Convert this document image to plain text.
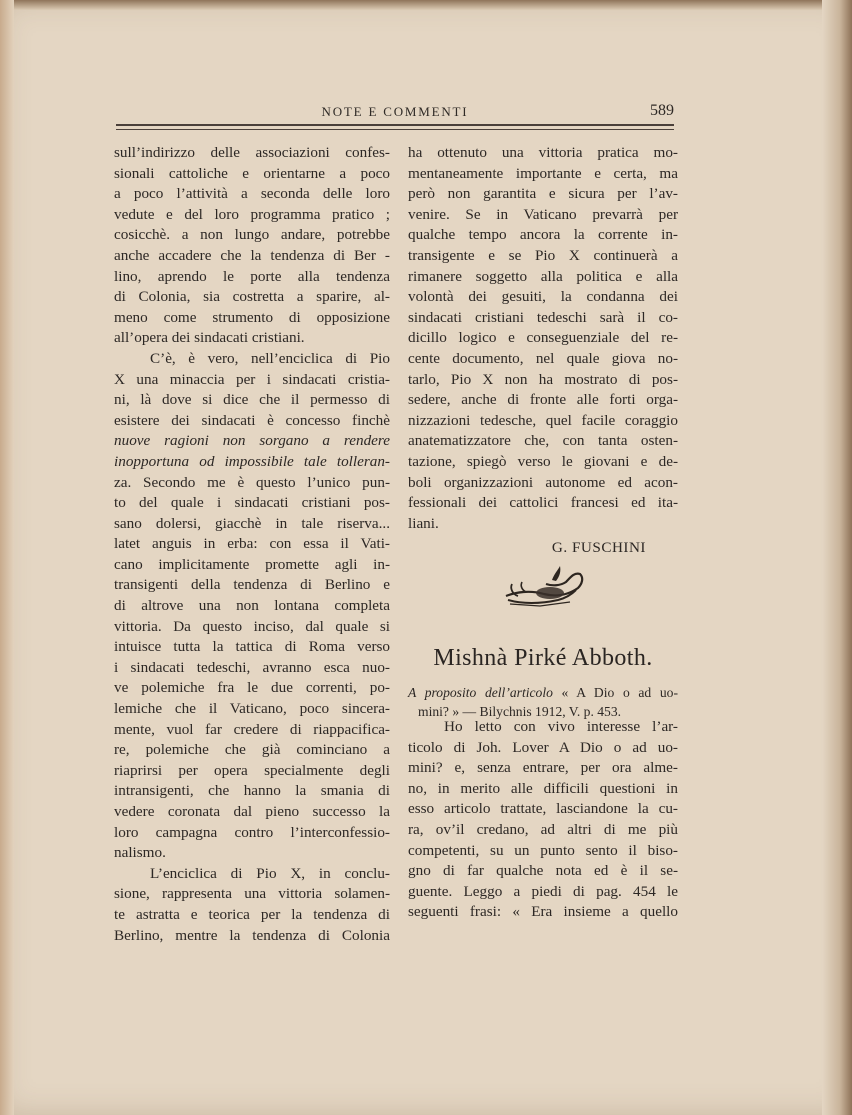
NOTE E COMMENTI	589
sull’indirizzo delle associazioni confes-
sionali cattoliche e orientarne a poco
a poco l’attività a seconda delle loro
vedute e del loro programma pratico ;
cosicchè. a non lungo andare, potrebbe
anche accadere che la tendenza di Ber -
lino, aprendo le porte alla tendenza
di Colonia, sia costretta a sparire, al-
meno come strumento di opposizione
all’opera dei sindacati cristiani.
C’è, è vero, nell’enciclica di Pio
X una minaccia per i sindacati cristia-
ni, là dove si dice che il permesso di
esistere dei sindacati è concesso finchè
nuove ragioni non sorgano a rendere
inopportuna od impossibile tale tolleran-
za. Secondo me è questo l’unico pun-
to del quale i sindacati cristiani pos-
sano dolersi, giacchè in tale riserva...
latet anguis in erba: con essa il Vati-
cano implicitamente promette agli in-
transigenti della tendenza di Berlino e
di altrove una non lontana completa
vittoria. Da questo inciso, dal quale si
intuisce tutta la tattica di Roma verso
i sindacati tedeschi, avranno esca nuo-
ve polemiche fra le due correnti, po-
lemiche che il Vaticano, poco sincera-
mente, vuol far credere di riappacifica-
re, polemiche che già cominciano a
riaprirsi per opera specialmente degli
intransigenti, che hanno la smania di
vedere coronata dal pieno successo la
loro campagna contro l’interconfessio-
nalismo.
L’enciclica di Pio X, in conclu-
sione, rappresenta una vittoria solamen-
te astratta e teorica per la tendenza di
Berlino, mentre la tendenza di Colonia
ha ottenuto una vittoria pratica mo-
mentaneamente importante e certa, ma
però non garantita e sicura per l’av-
venire. Se in Vaticano prevarrà per
qualche tempo ancora la corrente in-
transigente e se Pio X continuerà a
rimanere soggetto alla politica e alla
volontà dei gesuiti, la condanna dei
sindacati cristiani tedeschi sarà il co-
dicillo logico e conseguenziale del re-
cente documento, nel quale giova no-
tarlo, Pio X non ha mostrato di pos-
sedere, anche di fronte alle forti orga-
nizzazioni tedesche, quel facile coraggio
anatematizzatore che, con tanta osten-
tazione, spiegò verso le giovani e de-
boli organizzazioni autonome ed acon-
fessionali dei cattolici francesi ed ita-
liani.
G. FUSCHINI
Mishnà Pirké Abboth.
A proposito dell’articolo « A Dio o ad uo-
mini? » — Bilychnis 1912, V. p. 453.
Ho letto con vivo interesse l’ar-
ticolo di Joh. Lover A Dio o ad uo-
mini? e, senza entrare, per ora almе-
no, in merito alle difficili questioni in
esso articolo trattate, lasciandone la cu-
ra, ov’il credano, ad altri di me più
competenti, su un punto sento il biso-
gno di far qualche nota ed è il se-
guente. Leggo a piedi di pag. 454 le
seguenti frasi: « Era insieme a quello
